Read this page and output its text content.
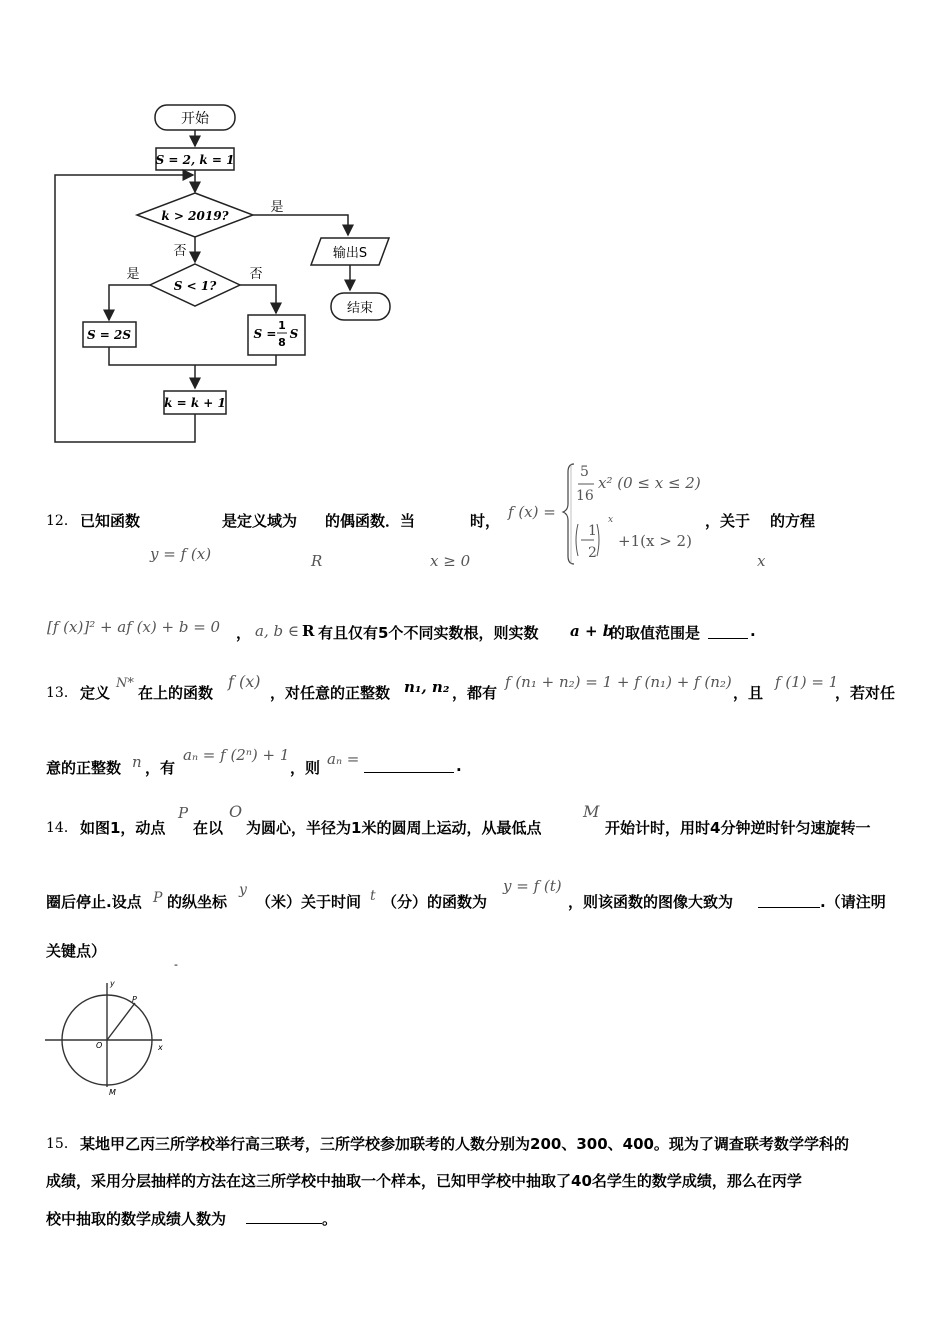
开始
S = 2, k = 1
k > 2019?
是
否	输出S
结束
S < 1?
是	否
S = 2S	S =
1
8
S
k = k + 1
12． 已知函数
y = f (x)
是定义域为
R
的偶函数．当
x ≥ 0
时， f (x) =
5
16
x² (0 ≤ x ≤ 2)
1
2
x
+1(x > 2)
，关于
x
的方程
[f (x)]² + af (x) + b = 0 ， a, b ∈ R 有且仅有5个不同实数根，则实数 a + b
的取值范围是	.
13． 定义
N*
在上的函数
f (x)
，对任意的正整数 n₁, n₂ ，都有
f (n₁ + n₂) = 1 + f (n₁) + f (n₂)
，且
f (1) = 1
，若对任
意的正整数 n ，有
aₙ = f (2ⁿ) + 1
，则 aₙ =	.
14． 如图1，动点
P
在以
O
为圆心，半径为1米的圆周上运动，从最低点
M
开始计时，用时4分钟逆时针匀速旋转一
圈后停止.设点 P 的纵坐标
y
（米）关于时间 t （分）的函数为
y = f (t)
，则该函数的图像大致为	.（请注明
关键点）
-
y
x
O
P
M
15． 某地甲乙丙三所学校举行高三联考，三所学校参加联考的人数分别为200、300、400。现为了调查联考数学学科的
成绩，采用分层抽样的方法在这三所学校中抽取一个样本，已知甲学校中抽取了40名学生的数学成绩，那么在丙学
校中抽取的数学成绩人数为	。
